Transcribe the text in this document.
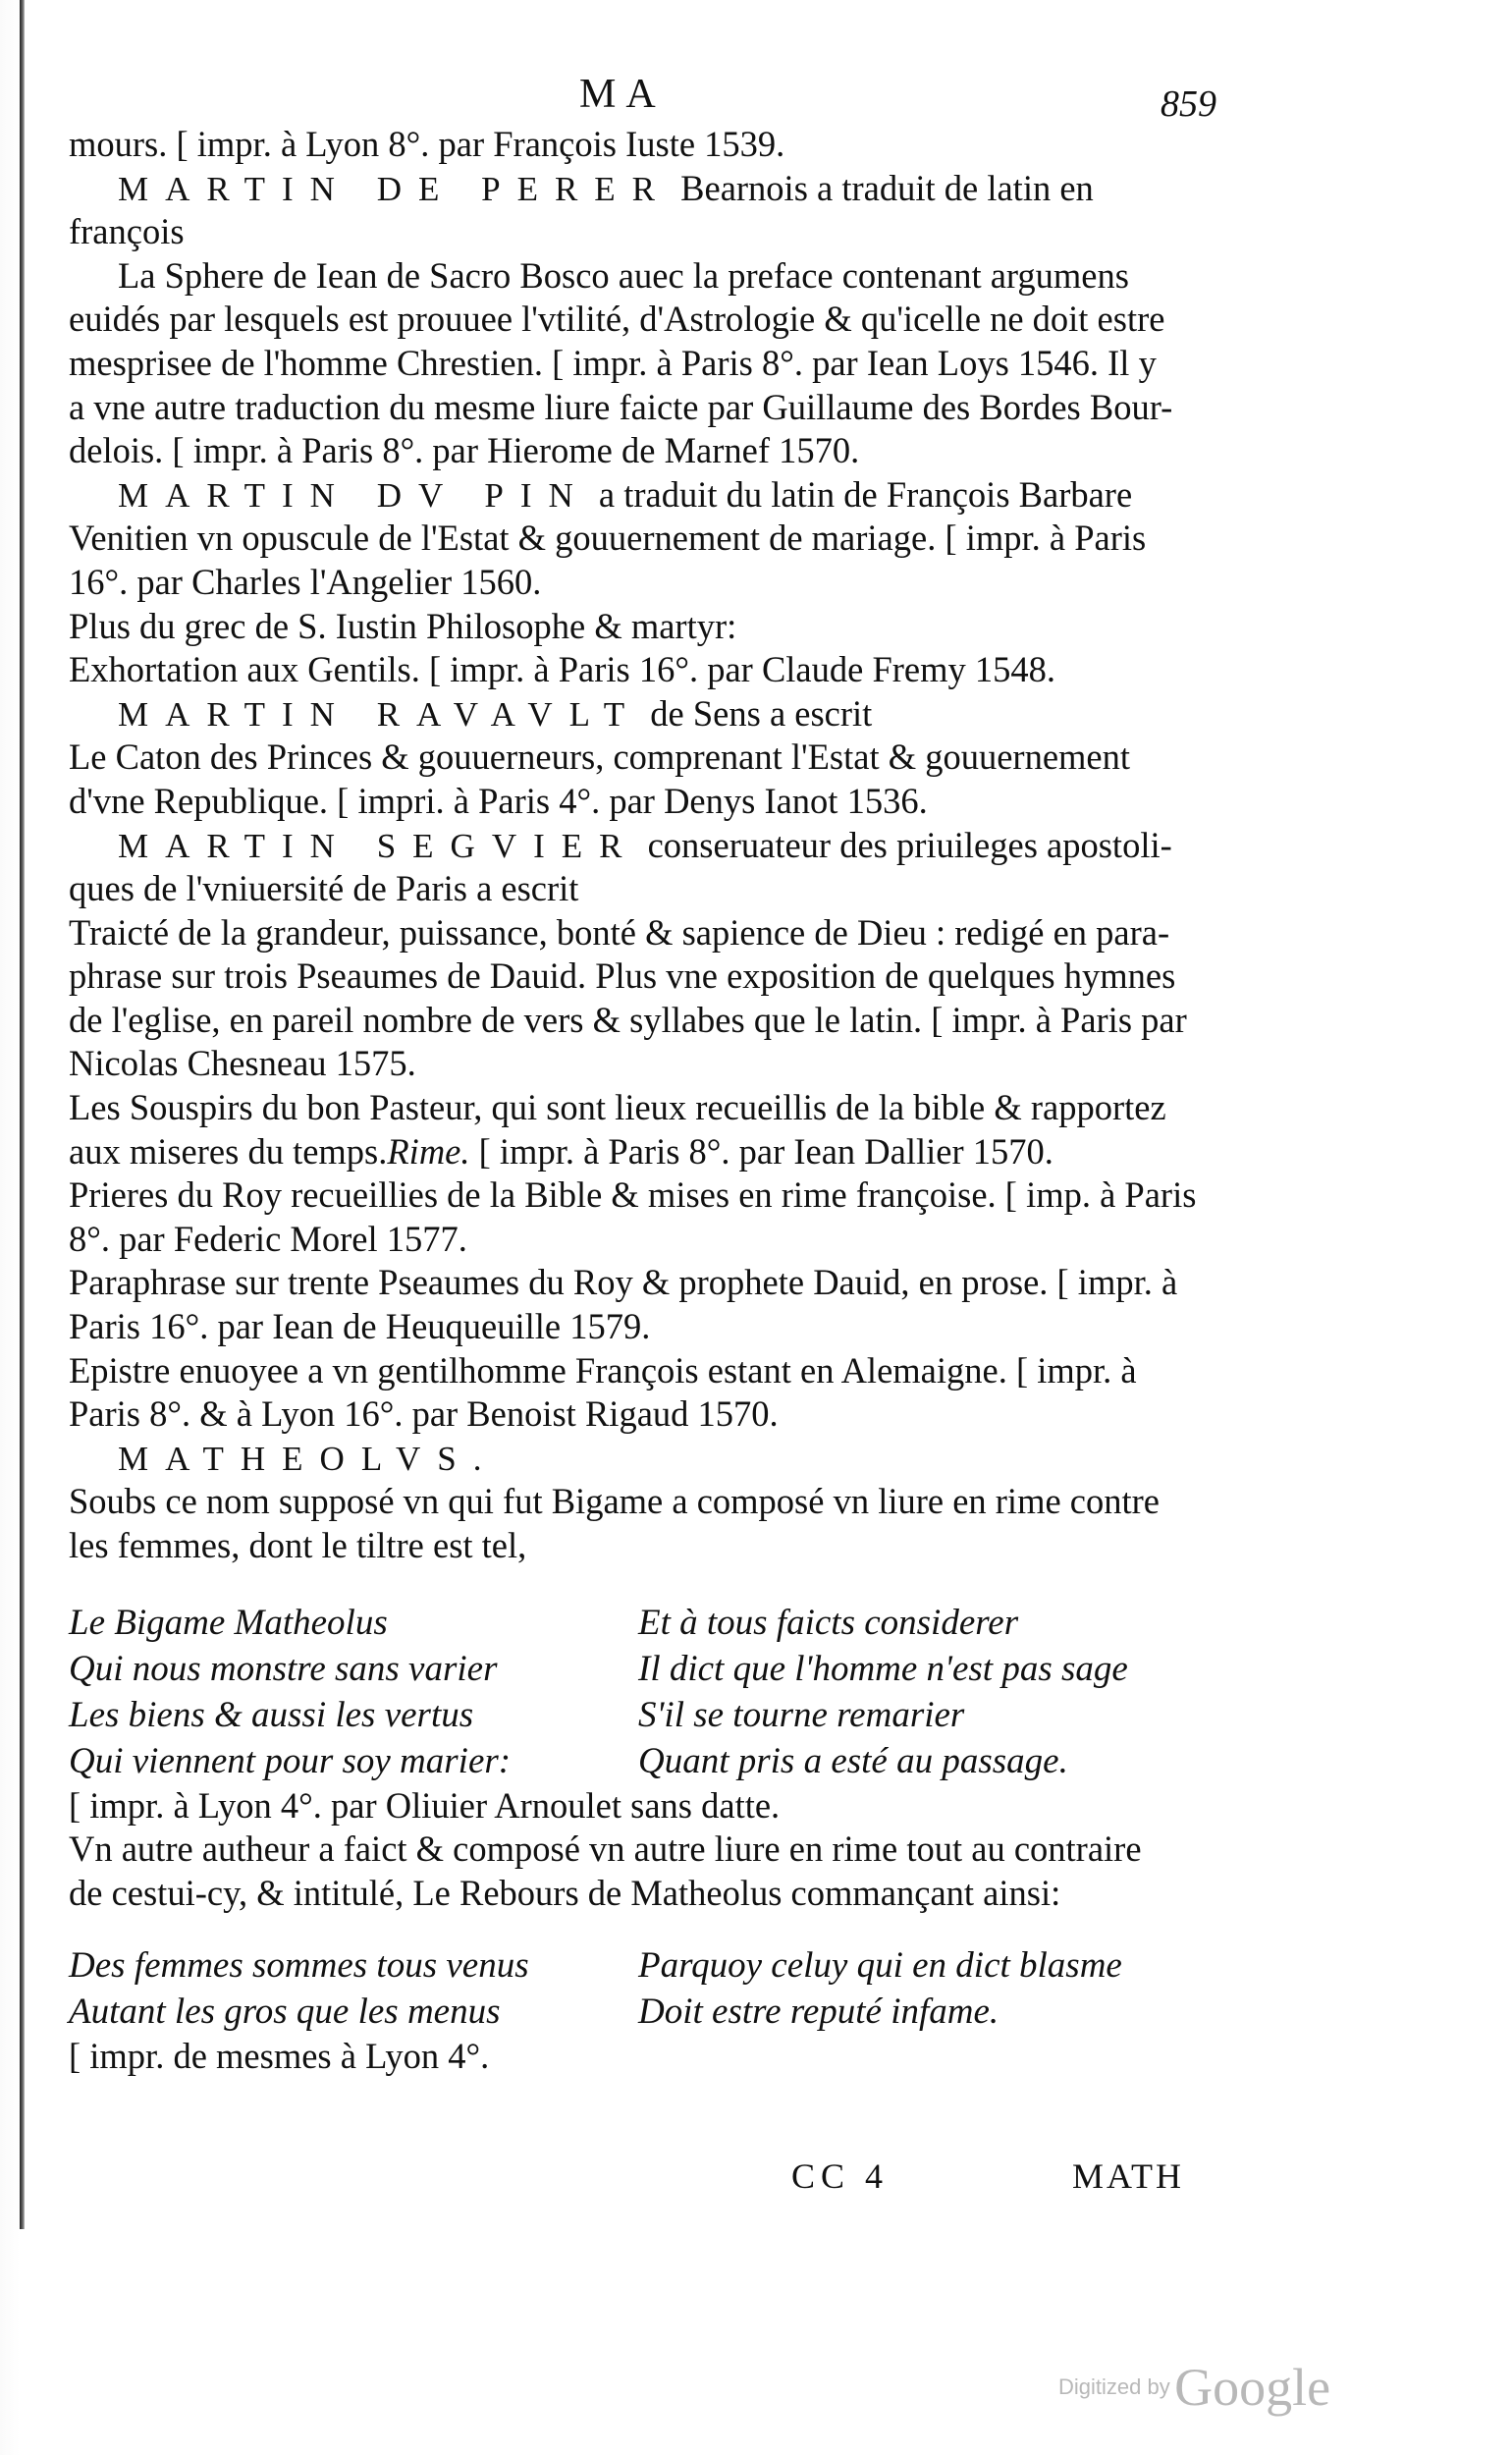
MA	859
mours. [ impr. à Lyon 8°. par François Iuste 1539.
MARTIN DE PERER Bearnois a traduit de latin en
françois
La Sphere de Iean de Sacro Bosco auec la preface contenant argumens
euidés par lesquels est prouuee l'vtilité, d'Astrologie & qu'icelle ne doit estre
mesprisee de l'homme Chrestien. [ impr. à Paris 8°. par Iean Loys 1546. Il y
a vne autre traduction du mesme liure faicte par Guillaume des Bordes Bour-
delois. [ impr. à Paris 8°. par Hierome de Marnef 1570.
MARTIN DV PIN a traduit du latin de François Barbare
Venitien vn opuscule de l'Estat & gouuernement de mariage. [ impr. à Paris
16°. par Charles l'Angelier 1560.
Plus du grec de S. Iustin Philosophe & martyr:
Exhortation aux Gentils. [ impr. à Paris 16°. par Claude Fremy 1548.
MARTIN RAVAVLT de Sens a escrit
Le Caton des Princes & gouuerneurs, comprenant l'Estat & gouuernement
d'vne Republique. [ impri. à Paris 4°. par Denys Ianot 1536.
MARTIN SEGVIER conseruateur des priuileges apostoli-
ques de l'vniuersité de Paris a escrit
Traicté de la grandeur, puissance, bonté & sapience de Dieu : redigé en para-
phrase sur trois Pseaumes de Dauid. Plus vne exposition de quelques hymnes
de l'eglise, en pareil nombre de vers & syllabes que le latin. [ impr. à Paris par
Nicolas Chesneau 1575.
Les Souspirs du bon Pasteur, qui sont lieux recueillis de la bible & rapportez
aux miseres du temps.Rime. [ impr. à Paris 8°. par Iean Dallier 1570.
Prieres du Roy recueillies de la Bible & mises en rime françoise. [ imp. à Paris
8°. par Federic Morel 1577.
Paraphrase sur trente Pseaumes du Roy & prophete Dauid, en prose. [ impr. à
Paris 16°. par Iean de Heuqueuille 1579.
Epistre enuoyee a vn gentilhomme François estant en Alemaigne. [ impr. à
Paris 8°. & à Lyon 16°. par Benoist Rigaud 1570.
MATHEOLVS.
Soubs ce nom supposé vn qui fut Bigame a composé vn liure en rime contre
les femmes, dont le tiltre est tel,
Le Bigame Matheolus	Et à tous faicts considerer
Qui nous monstre sans varier	Il dict que l'homme n'est pas sage
Les biens & aussi les vertus	S'il se tourne remarier
Qui viennent pour soy marier:	Quant pris a esté au passage.
[ impr. à Lyon 4°. par Oliuier Arnoulet sans datte.
Vn autre autheur a faict & composé vn autre liure en rime tout au contraire
de cestui-cy, & intitulé, Le Rebours de Matheolus commançant ainsi:
Des femmes sommes tous venus	Parquoy celuy qui en dict blasme
Autant les gros que les menus	Doit estre reputé infame.
[ impr. de mesmes à Lyon 4°.
CC 4	MATH
Digitized by Google
